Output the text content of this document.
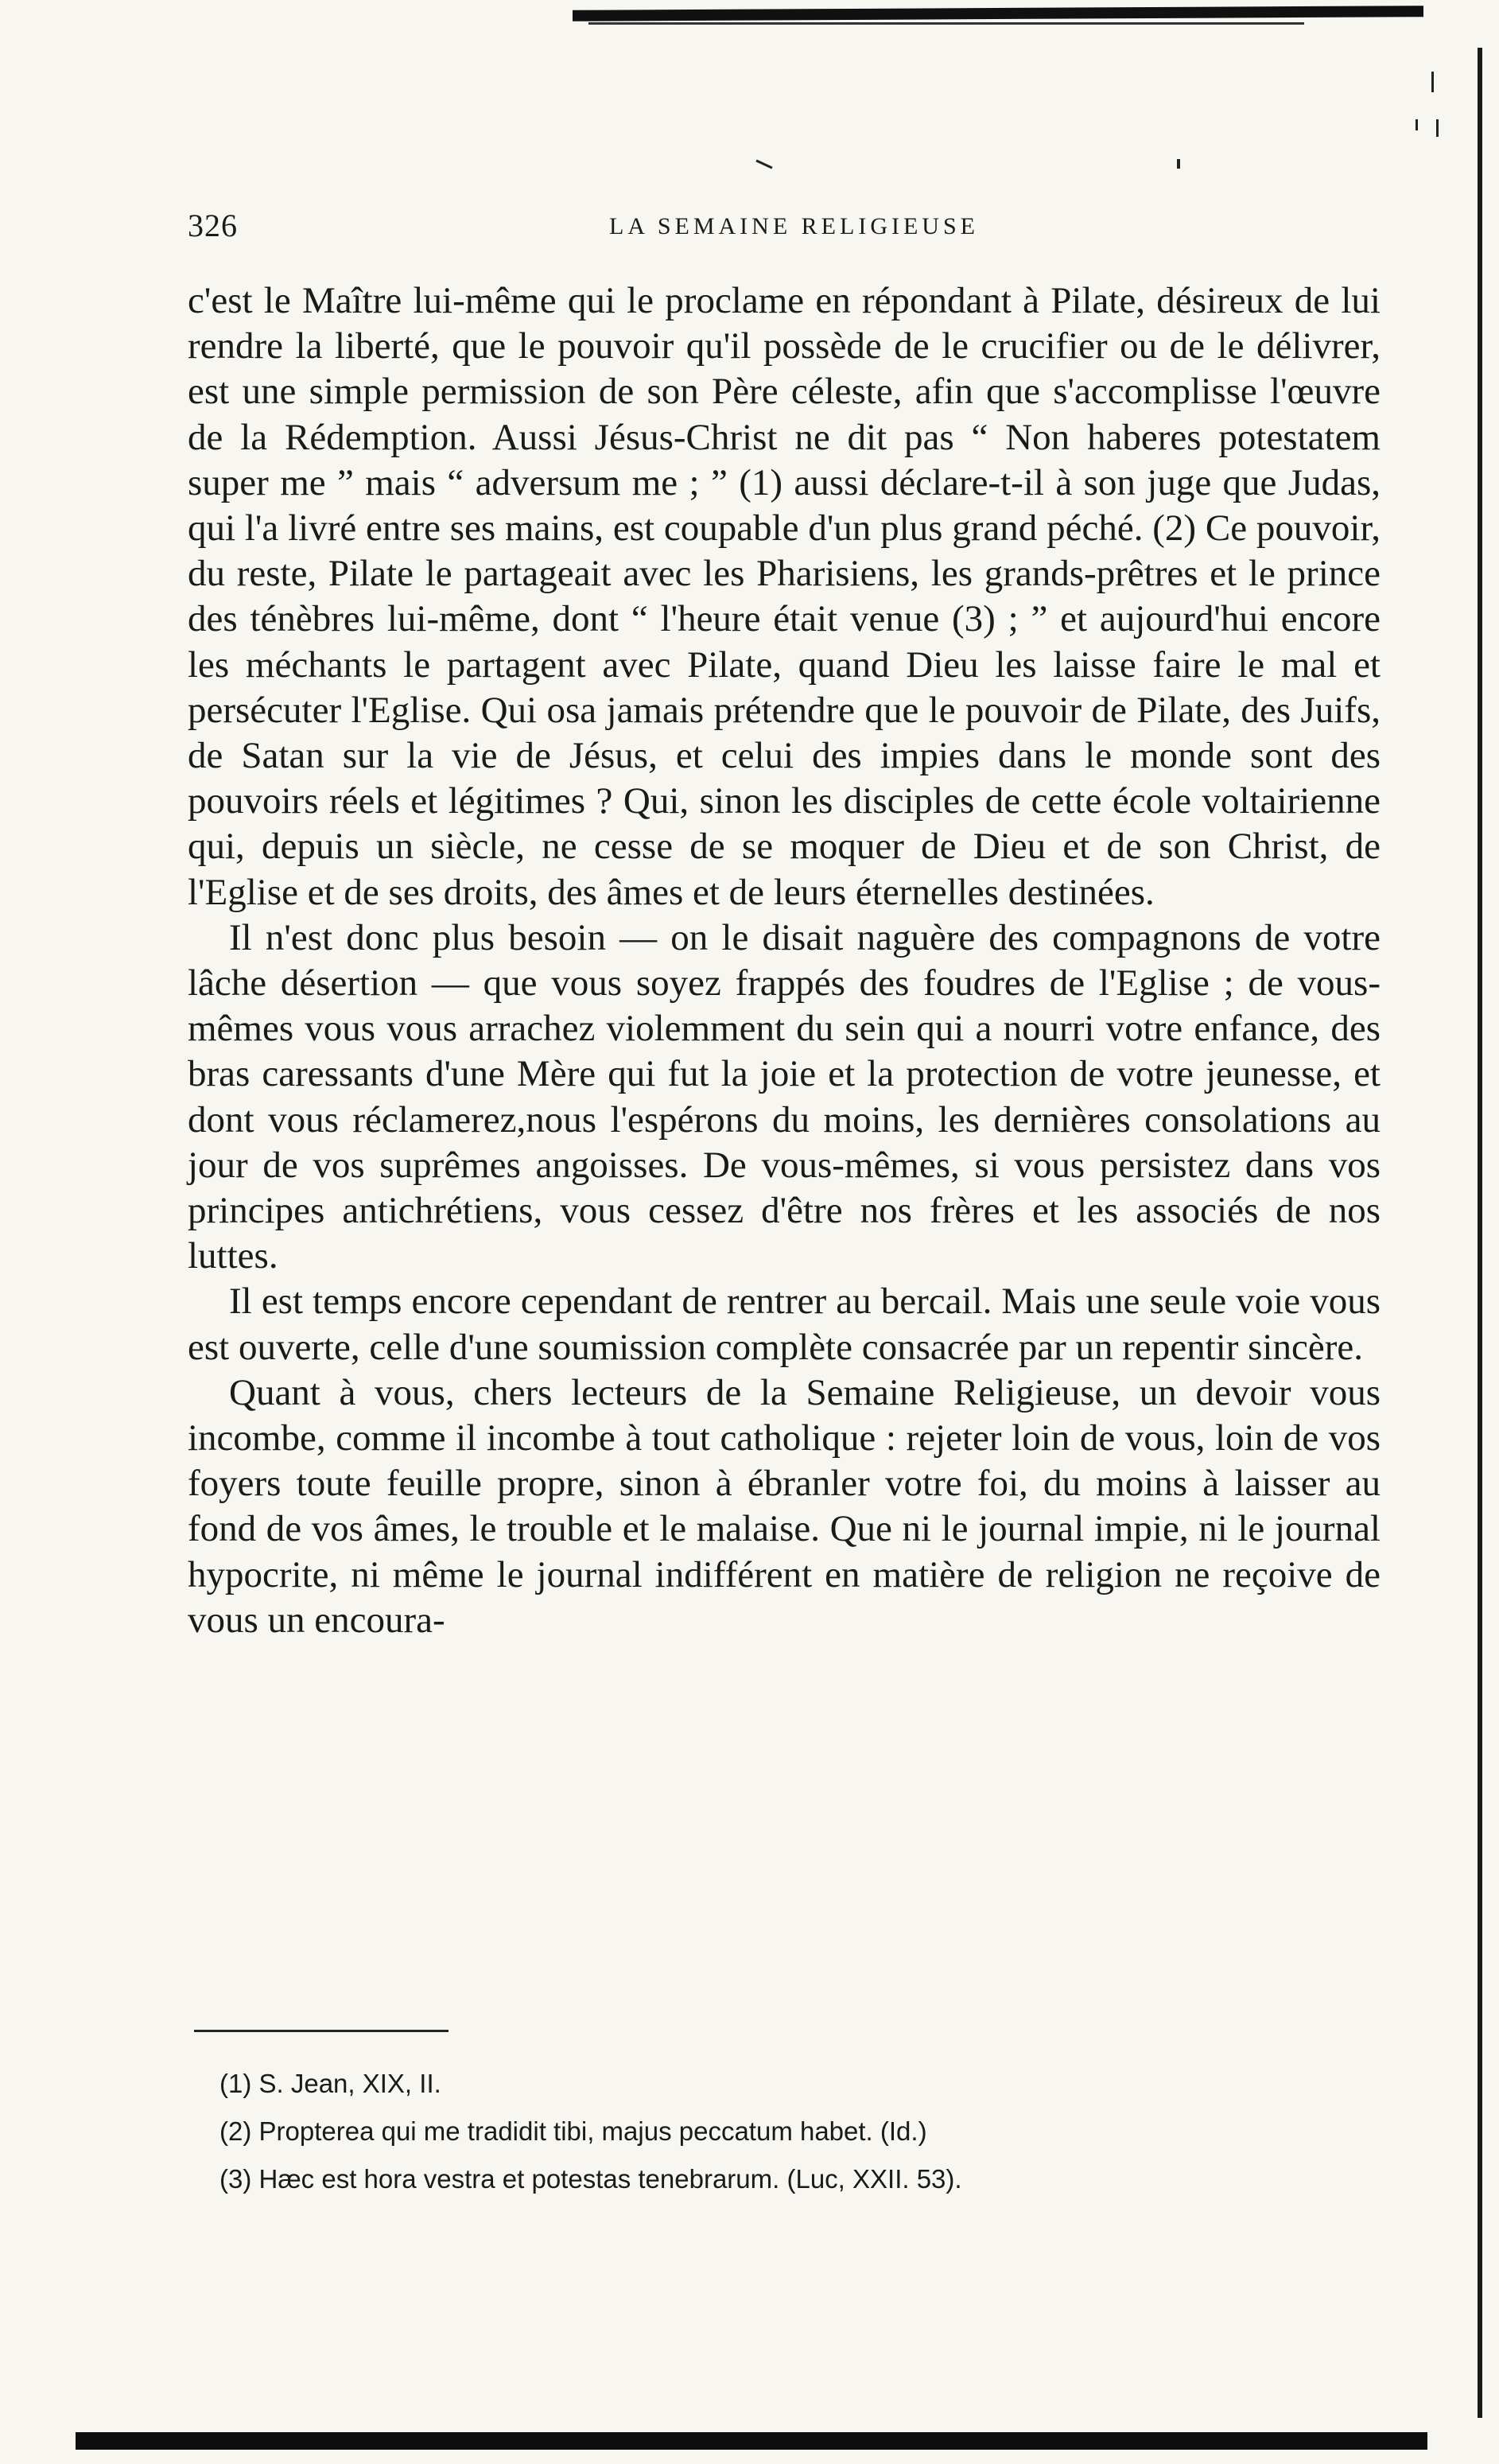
326	LA SEMAINE RELIGIEUSE

c'est le Maître lui-même qui le proclame en répondant à Pilate, désireux de lui rendre la liberté, que le pouvoir qu'il possède de le crucifier ou de le délivrer, est une simple permission de son Père céleste, afin que s'accomplisse l'œuvre de la Rédemption. Aussi Jésus-Christ ne dit pas “ Non haberes potestatem super me ” mais “ adversum me ; ” (1) aussi déclare-t-il à son juge que Judas, qui l'a livré entre ses mains, est coupable d'un plus grand péché. (2) Ce pouvoir, du reste, Pilate le partageait avec les Pharisiens, les grands-prêtres et le prince des ténèbres lui-même, dont “ l'heure était venue (3) ; ” et aujourd'hui encore les méchants le partagent avec Pilate, quand Dieu les laisse faire le mal et persécuter l'Eglise. Qui osa jamais prétendre que le pouvoir de Pilate, des Juifs, de Satan sur la vie de Jésus, et celui des impies dans le monde sont des pouvoirs réels et légitimes ? Qui, sinon les disciples de cette école voltairienne qui, depuis un siècle, ne cesse de se moquer de Dieu et de son Christ, de l'Eglise et de ses droits, des âmes et de leurs éternelles destinées.

Il n'est donc plus besoin — on le disait naguère des compagnons de votre lâche désertion — que vous soyez frappés des foudres de l'Eglise ; de vous-mêmes vous vous arrachez violemment du sein qui a nourri votre enfance, des bras caressants d'une Mère qui fut la joie et la protection de votre jeunesse, et dont vous réclamerez,nous l'espérons du moins, les dernières consolations au jour de vos suprêmes angoisses. De vous-mêmes, si vous persistez dans vos principes antichrétiens, vous cessez d'être nos frères et les associés de nos luttes.

Il est temps encore cependant de rentrer au bercail. Mais une seule voie vous est ouverte, celle d'une soumission complète consacrée par un repentir sincère.

Quant à vous, chers lecteurs de la Semaine Religieuse, un devoir vous incombe, comme il incombe à tout catholique : rejeter loin de vous, loin de vos foyers toute feuille propre, sinon à ébranler votre foi, du moins à laisser au fond de vos âmes, le trouble et le malaise. Que ni le journal impie, ni le journal hypocrite, ni même le journal indifférent en matière de religion ne reçoive de vous un encoura-

(1) S. Jean, XIX, II.
(2) Propterea qui me tradidit tibi, majus peccatum habet. (Id.)
(3) Hæc est hora vestra et potestas tenebrarum. (Luc, XXII. 53).
